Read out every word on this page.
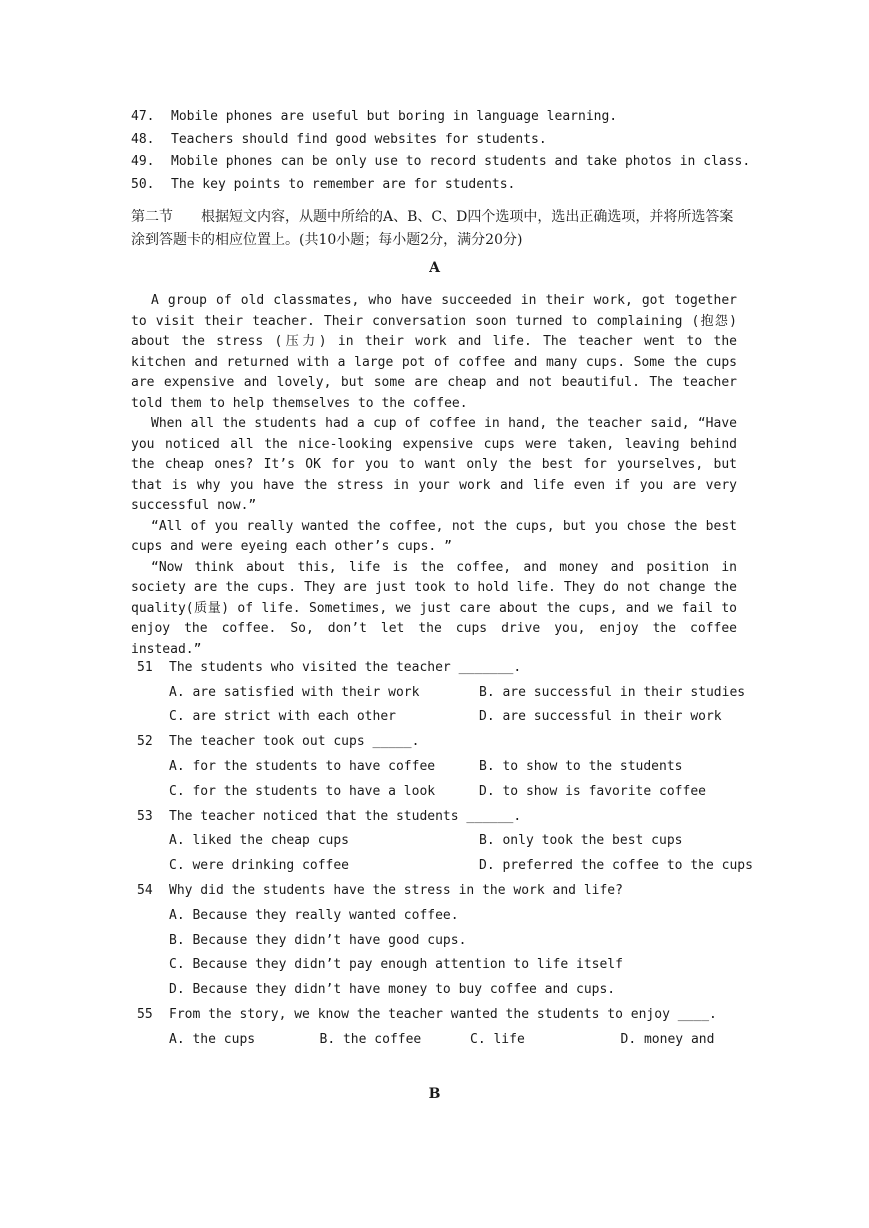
47.	Mobile phones are useful but boring in language learning.
48.	Teachers should find good websites for students.
49.	Mobile phones can be only use to record students and take photos in class.
50.	The key points to remember are for students.
第二节　　根据短文内容，从题中所给的A、B、C、D四个选项中，选出正确选项，并将所选答案涂到答题卡的相应位置上。(共10小题；每小题2分，满分20分)
A

A group of old classmates, who have succeeded in their work, got together to visit their teacher. Their conversation soon turned to complaining (抱怨) about the stress (压力) in their work and life. The teacher went to the kitchen and returned with a large pot of coffee and many cups. Some the cups are expensive and lovely, but some are cheap and not beautiful. The teacher told them to help themselves to the coffee.

When all the students had a cup of coffee in hand, the teacher said, “Have you noticed all the nice-looking expensive cups were taken, leaving behind the cheap ones? It’s OK for you to want only the best for yourselves, but that is why you have the stress in your work and life even if you are very successful now.”

“All of you really wanted the coffee, not the cups, but you chose the best cups and were eyeing each other’s cups. ”

“Now think about this, life is the coffee, and money and position in society are the cups. They are just took to hold life. They do not change the quality(质量) of life. Sometimes, we just care about the cups, and we fail to enjoy the coffee. So, don’t let the cups drive you, enjoy the coffee instead.”

51	The students who visited the teacher _______.
A. are satisfied with their work	B. are successful in their studies
C. are strict with each other	D. are successful in their work
52	The teacher took out cups _____.
A. for the students to have coffee	B. to show to the students
C. for the students to have a look	D. to show is favorite coffee
53	The teacher noticed that the students ______.
A. liked the cheap cups	B. only took the best cups
C. were drinking coffee	D. preferred the coffee to the cups
54	Why did the students have the stress in the work and life?
A. Because they really wanted coffee.
B. Because they didn’t have good cups.
C. Because they didn’t pay enough attention to life itself
D. Because they didn’t have money to buy coffee and cups.
55	From the story, we know the teacher wanted the students to enjoy ____.
A. the cups	B. the coffee	C. life	D. money and
B
